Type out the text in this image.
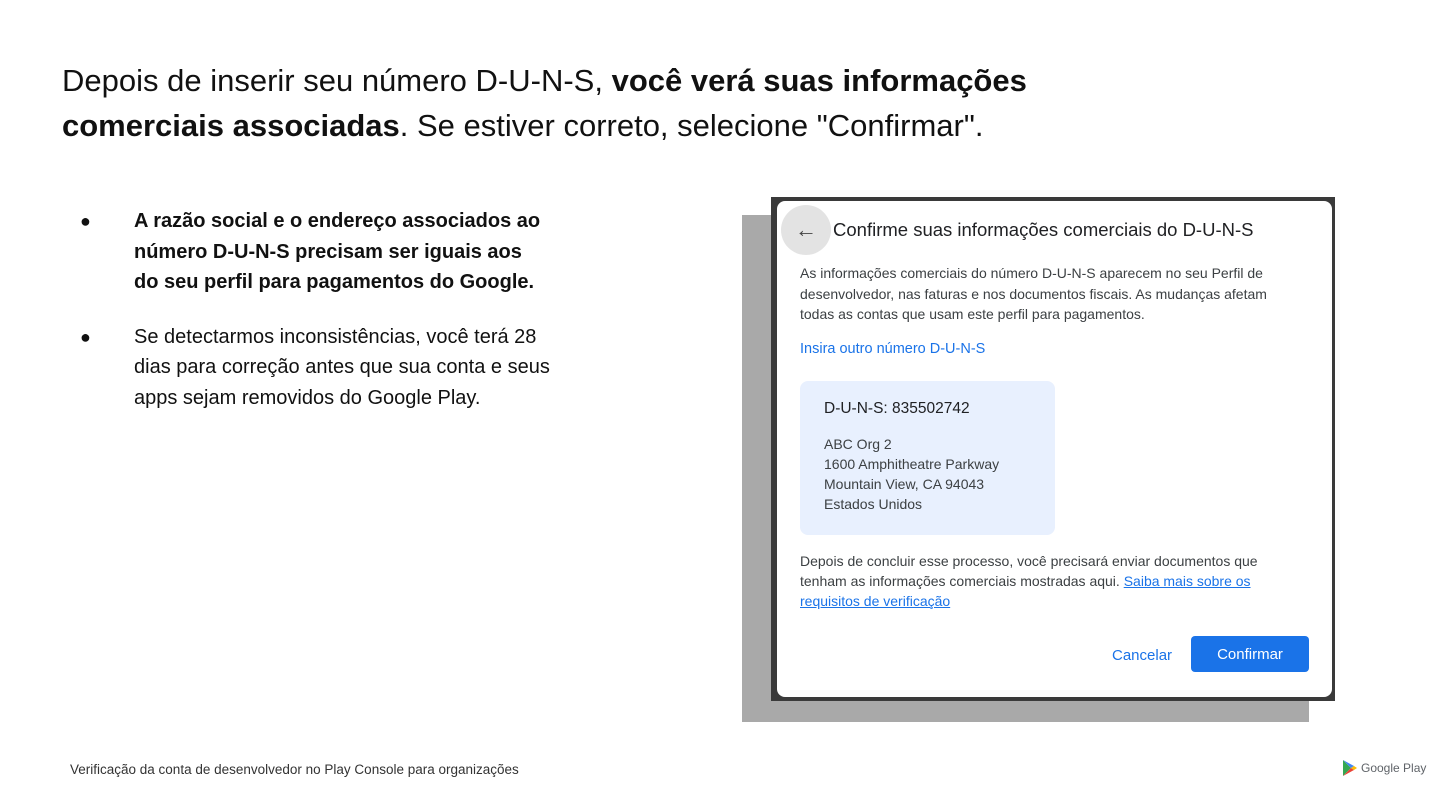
Depois de inserir seu número D-U-N-S, você verá suas informações comerciais associadas. Se estiver correto, selecione "Confirmar".
● A razão social e o endereço associados ao número D-U-N-S precisam ser iguais aos do seu perfil para pagamentos do Google.
● Se detectarmos inconsistências, você terá 28 dias para correção antes que sua conta e seus apps sejam removidos do Google Play.
← Confirme suas informações comerciais do D-U-N-S
As informações comerciais do número D-U-N-S aparecem no seu Perfil de desenvolvedor, nas faturas e nos documentos fiscais. As mudanças afetam todas as contas que usam este perfil para pagamentos.
Insira outro número D-U-N-S
D-U-N-S: 835502742
ABC Org 2
1600 Amphitheatre Parkway
Mountain View, CA 94043
Estados Unidos
Depois de concluir esse processo, você precisará enviar documentos que tenham as informações comerciais mostradas aqui. Saiba mais sobre os requisitos de verificação
Cancelar	Confirmar
Verificação da conta de desenvolvedor no Play Console para organizações	Google Play
